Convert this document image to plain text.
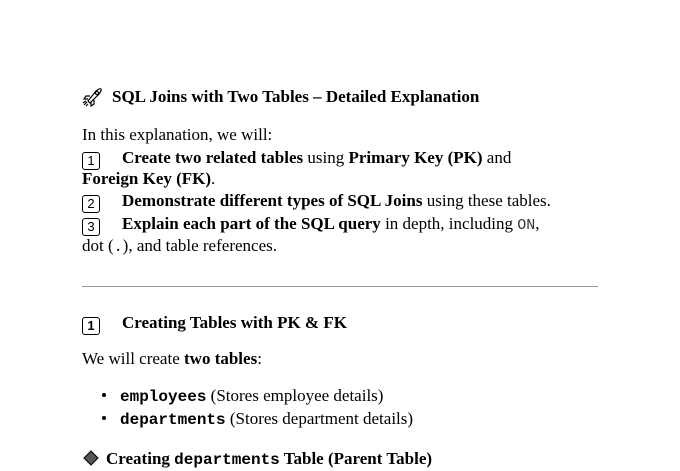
SQL Joins with Two Tables – Detailed Explanation
In this explanation, we will:
1 Create two related tables using Primary Key (PK) and
Foreign Key (FK).
2 Demonstrate different types of SQL Joins using these tables.
3 Explain each part of the SQL query in depth, including ON,
dot (.), and table references.
1 Creating Tables with PK & FK
We will create two tables:
employees (Stores employee details)
departments (Stores department details)
Creating departments Table (Parent Table)
